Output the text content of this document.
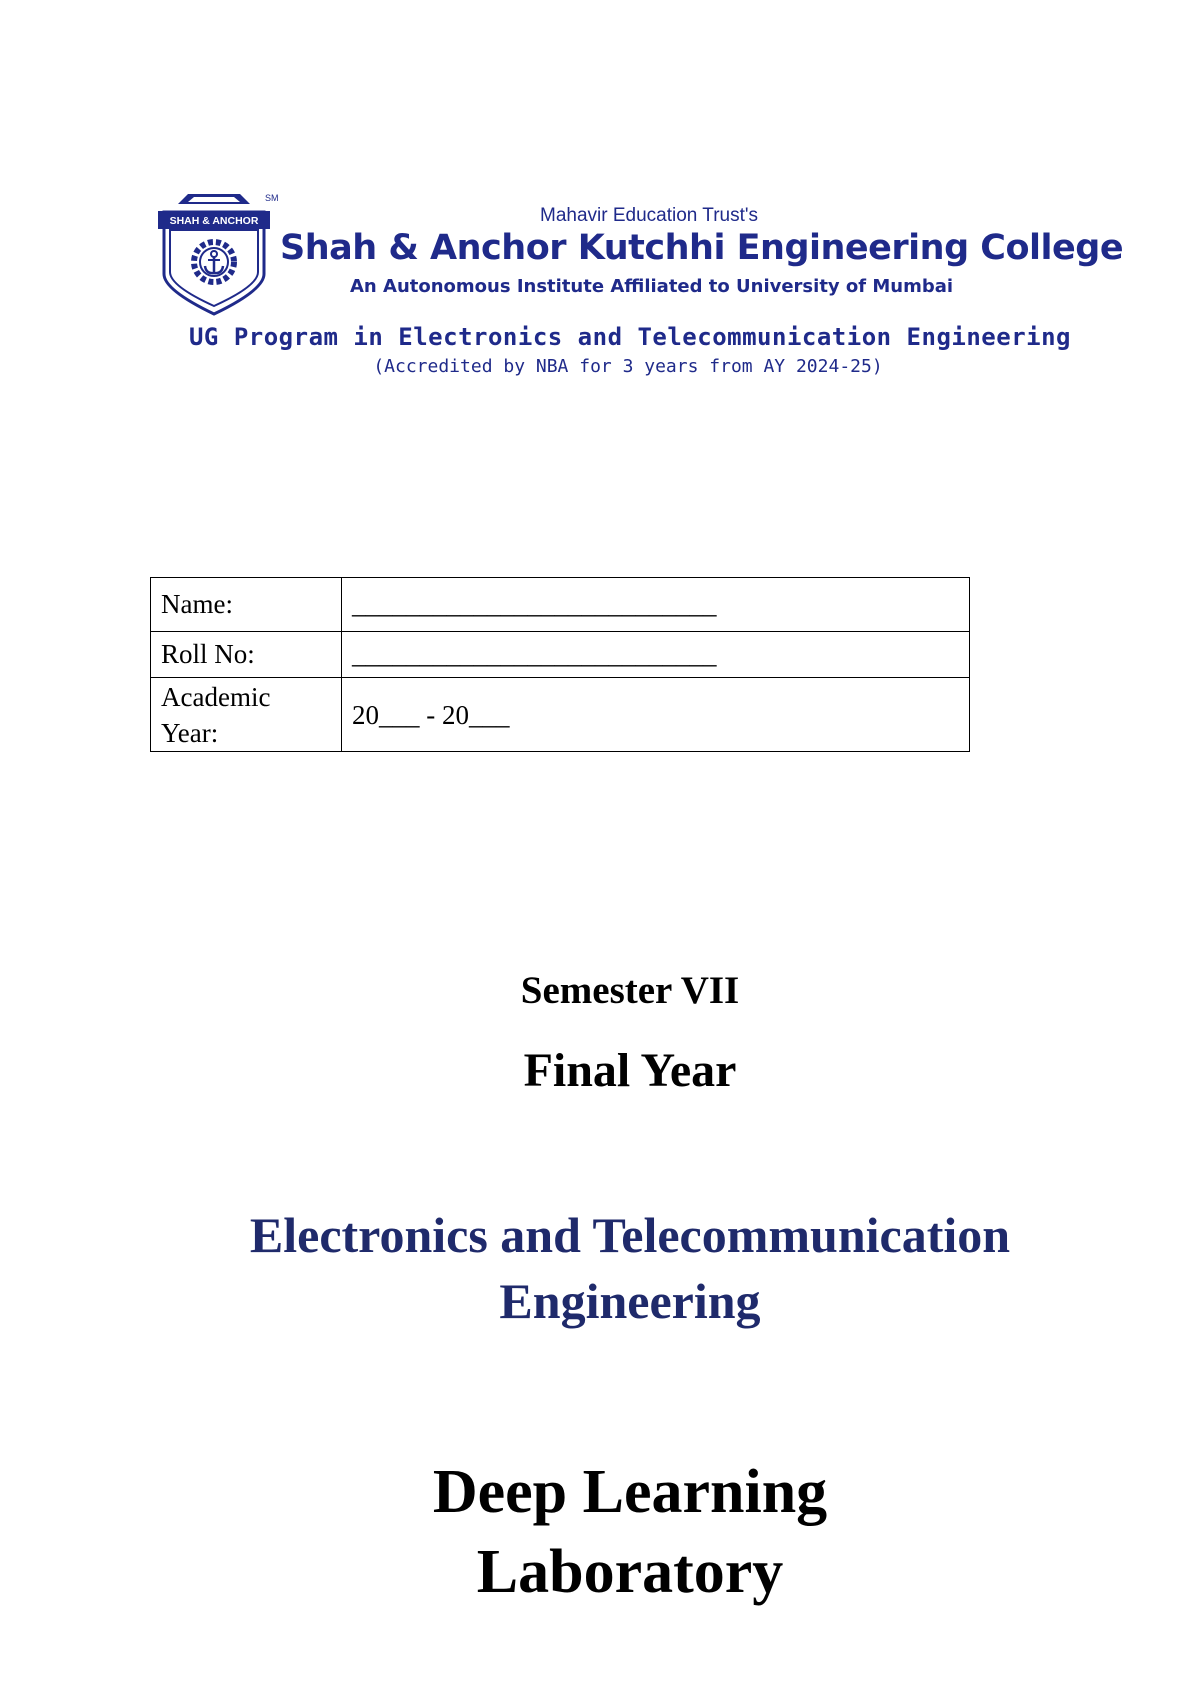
SHAH & ANCHOR
SM
Mahavir Education Trust's
Shah & Anchor Kutchhi Engineering College
An Autonomous Institute Affiliated to University of Mumbai
UG Program in Electronics and Telecommunication Engineering
(Accredited by NBA for 3 years from AY 2024-25)
Name:	___________________________
Roll No:	___________________________
Academic Year:	20___ - 20___
Semester VII
Final Year
Electronics and Telecommunication Engineering
Deep Learning Laboratory
